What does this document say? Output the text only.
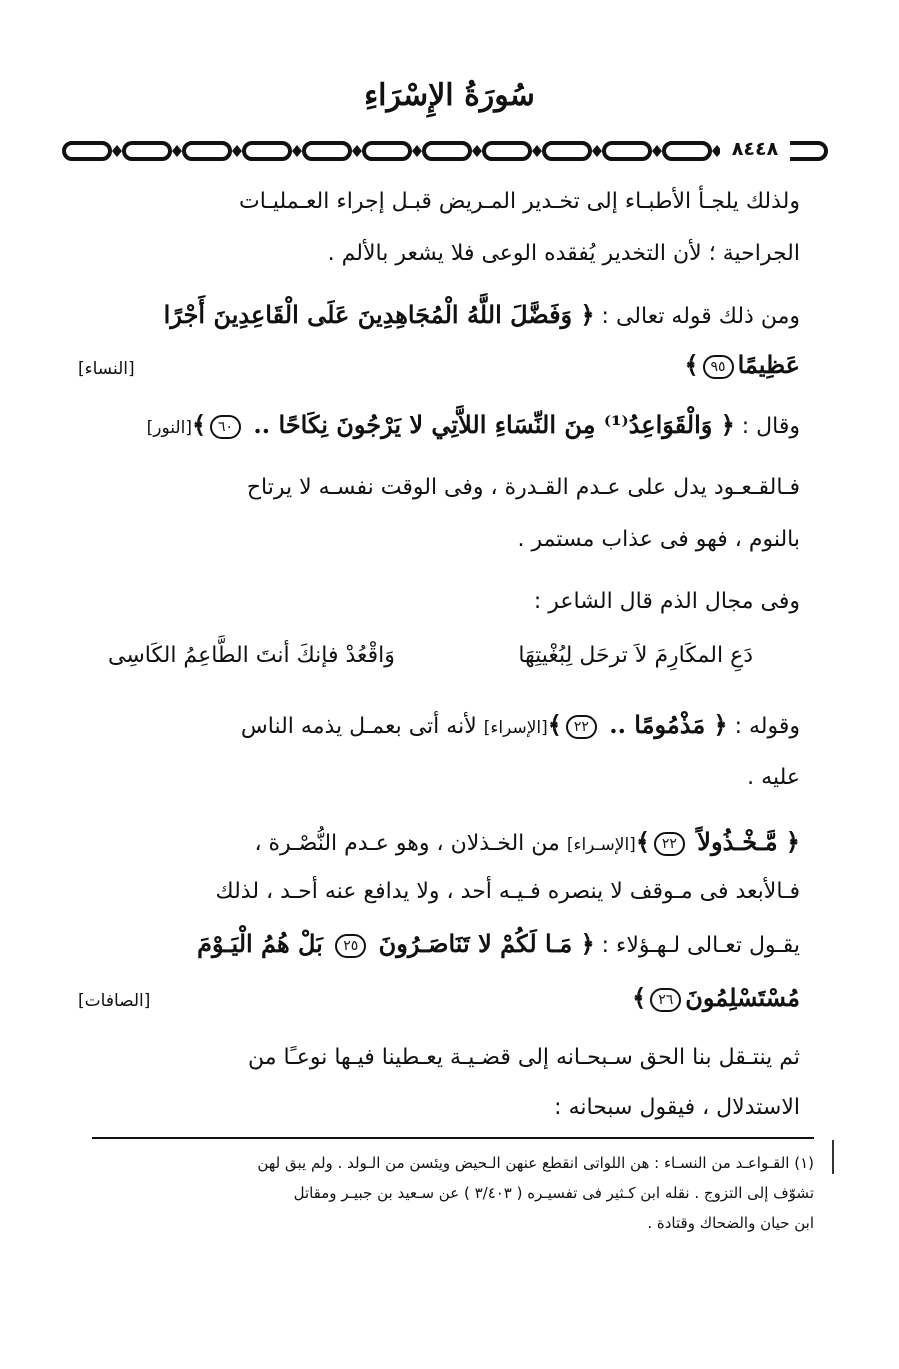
سُورَةُ الإِسْرَاءِ
٨٤٤٨
ولذلك يلجـأ الأطبـاء إلى تخـدير المـريض قبـل إجراء العـمليـات
الجراحية ؛ لأن التخدير يُفقده الوعى فلا يشعر بالألم .
ومن ذلك قوله تعالى : ﴿ وَفَضَّلَ اللَّهُ الْمُجَاهِدِينَ عَلَى الْقَاعِدِينَ أَجْرًا
عَظِيمًا٩٥﴾
[النساء]
وقال : ﴿ وَالْقَوَاعِدُ⁽¹⁾ مِنَ النِّسَاءِ اللاَّتِي لا يَرْجُونَ نِكَاحًا .. ٦٠﴾[النور]
فـالقـعـود يدل على عـدم القـدرة ، وفى الوقت نفسـه لا يرتاح
بالنوم ، فهو فى عذاب مستمر .
وفى مجال الذم قال الشاعر :
دَعِ المكَارِمَ لاَ ترحَل لِبُغْيتِهَا
وَاقْعُدْ فإنكَ أنتَ الطَّاعِمُ الكَاسِى
وقوله : ﴿ مَذْمُومًا .. ٢٢﴾[الإسراء] لأنه أتى بعمـل يذمه الناس
عليه .
﴿ مَّـخْـذُولاً ٢٢﴾[الإسـراء] من الخـذلان ، وهو عـدم النُّصْـرة ،
فـالأبعد فى مـوقف لا ينصره فـيـه أحد ، ولا يدافع عنه أحـد ، لذلك
يقـول تعـالى لـهـؤلاء : ﴿ مَـا لَكُمْ لا تَنَاصَـرُونَ ٢٥ بَلْ هُمُ الْيَـوْمَ
مُسْتَسْلِمُونَ٢٦﴾
[الصافات]
ثم ينتـقل بنا الحق سـبحـانه إلى قضـيـة يعـطينا فيـها نوعـًا من
الاستدلال ، فيقول سبحانه :
(١) القـواعـد من النسـاء : هن اللواتى انقطع عنهن الـحيض ويئسن من الـولد . ولم يبق لهن
تشوّف إلى التزوج . نقله ابن كـثير فى تفسيـره ( ٣/٤٠٣ ) عن سـعيد بن جبيـر ومقاتل
ابن حيان والضحاك وقتادة .
